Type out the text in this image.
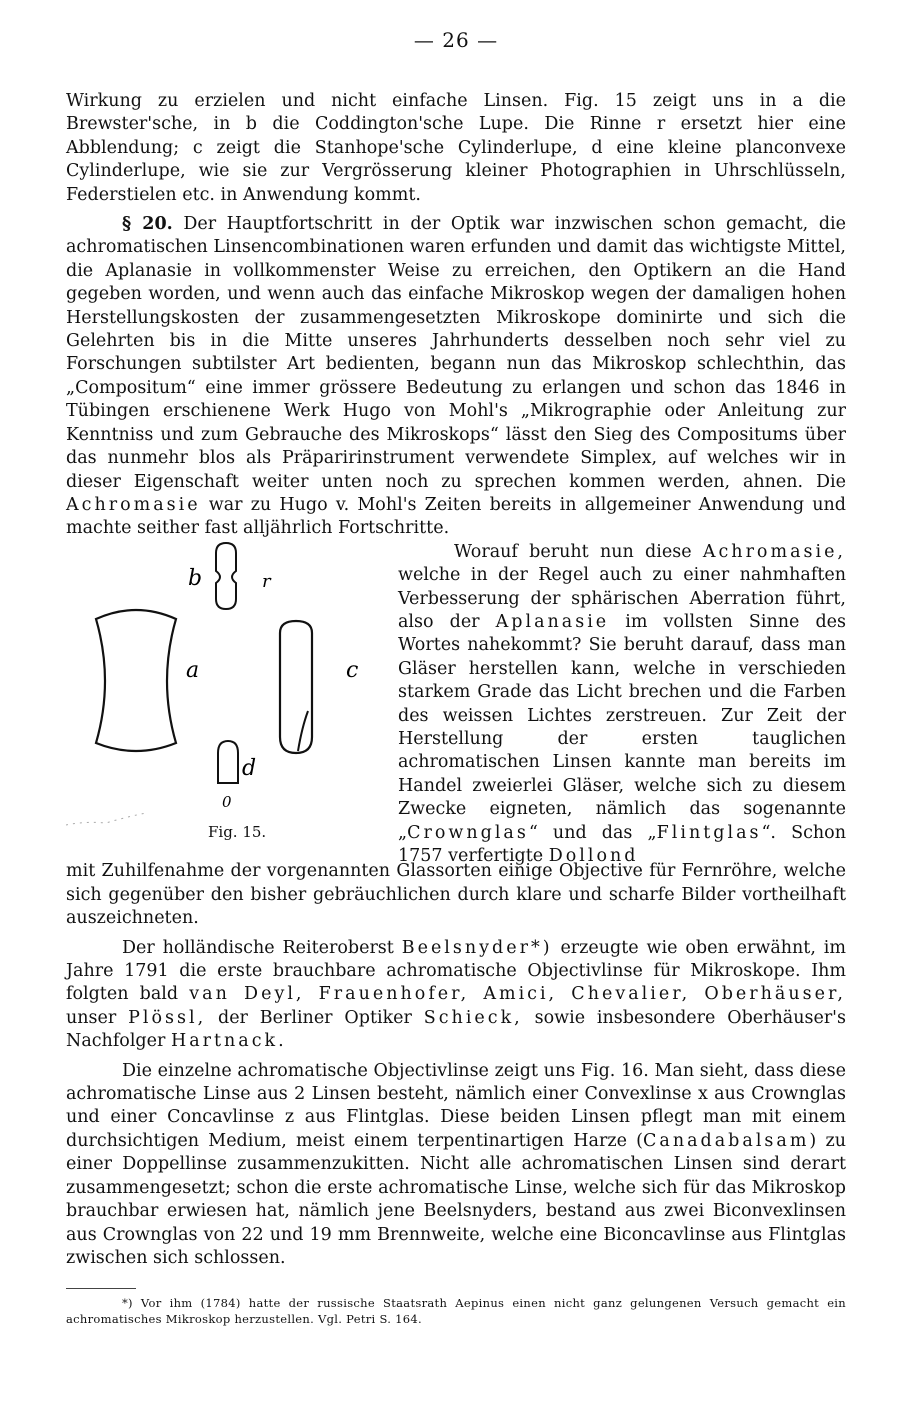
— 26 —

Wirkung zu erzielen und nicht einfache Linsen. Fig. 15 zeigt uns in a die Brewster'sche, in b die Coddington'sche Lupe. Die Rinne r ersetzt hier eine Abblendung; c zeigt die Stanhope'sche Cylinderlupe, d eine kleine planconvexe Cylinderlupe, wie sie zur Vergrösserung kleiner Photographien in Uhrschlüsseln, Federstielen etc. in Anwendung kommt.

§ 20. Der Hauptfortschritt in der Optik war inzwischen schon gemacht, die achromatischen Linsencombinationen waren erfunden und damit das wichtigste Mittel, die Aplanasie in vollkommenster Weise zu erreichen, den Optikern an die Hand gegeben worden, und wenn auch das einfache Mikroskop wegen der damaligen hohen Herstellungskosten der zusammengesetzten Mikroskope dominirte und sich die Gelehrten bis in die Mitte unseres Jahrhunderts desselben noch sehr viel zu Forschungen subtilster Art bedienten, begann nun das Mikroskop schlechthin, das „Compositum“ eine immer grössere Bedeutung zu erlangen und schon das 1846 in Tübingen erschienene Werk Hugo von Mohl's „Mikrographie oder Anleitung zur Kenntniss und zum Gebrauche des Mikroskops“ lässt den Sieg des Compositums über das nunmehr blos als Präparirinstrument verwendete Simplex, auf welches wir in dieser Eigenschaft weiter unten noch zu sprechen kommen werden, ahnen. Die Achromasie war zu Hugo v. Mohl's Zeiten bereits in allgemeiner Anwendung und machte seither fast alljährlich Fortschritte.

b	r
a	c
d
0
Fig. 15.

Worauf beruht nun diese Achromasie, welche in der Regel auch zu einer nahmhaften Verbesserung der sphärischen Aberration führt, also der Aplanasie im vollsten Sinne des Wortes nahekommt? Sie beruht darauf, dass man Gläser herstellen kann, welche in verschieden starkem Grade das Licht brechen und die Farben des weissen Lichtes zerstreuen. Zur Zeit der Herstellung der ersten tauglichen achromatischen Linsen kannte man bereits im Handel zweierlei Gläser, welche sich zu diesem Zwecke eigneten, nämlich das sogenannte „Crownglas“ und das „Flintglas“. Schon 1757 verfertigte Dollond

mit Zuhilfenahme der vorgenannten Glassorten einige Objective für Fernröhre, welche sich gegenüber den bisher gebräuchlichen durch klare und scharfe Bilder vortheilhaft auszeichneten.

Der holländische Reiteroberst Beelsnyder*) erzeugte wie oben erwähnt, im Jahre 1791 die erste brauchbare achromatische Objectivlinse für Mikroskope. Ihm folgten bald van Deyl, Frauenhofer, Amici, Chevalier, Oberhäuser, unser Plössl, der Berliner Optiker Schieck, sowie insbesondere Oberhäuser's Nachfolger Hartnack.

Die einzelne achromatische Objectivlinse zeigt uns Fig. 16. Man sieht, dass diese achromatische Linse aus 2 Linsen besteht, nämlich einer Convexlinse x aus Crownglas und einer Concavlinse z aus Flintglas. Diese beiden Linsen pflegt man mit einem durchsichtigen Medium, meist einem terpentinartigen Harze (Canadabalsam) zu einer Doppellinse zusammenzukitten. Nicht alle achromatischen Linsen sind derart zusammengesetzt; schon die erste achromatische Linse, welche sich für das Mikroskop brauchbar erwiesen hat, nämlich jene Beelsnyders, bestand aus zwei Biconvexlinsen aus Crownglas von 22 und 19 mm Brennweite, welche eine Biconcavlinse aus Flintglas zwischen sich schlossen.

*) Vor ihm (1784) hatte der russische Staatsrath Aepinus einen nicht ganz gelungenen Versuch gemacht ein achromatisches Mikroskop herzustellen. Vgl. Petri S. 164.
